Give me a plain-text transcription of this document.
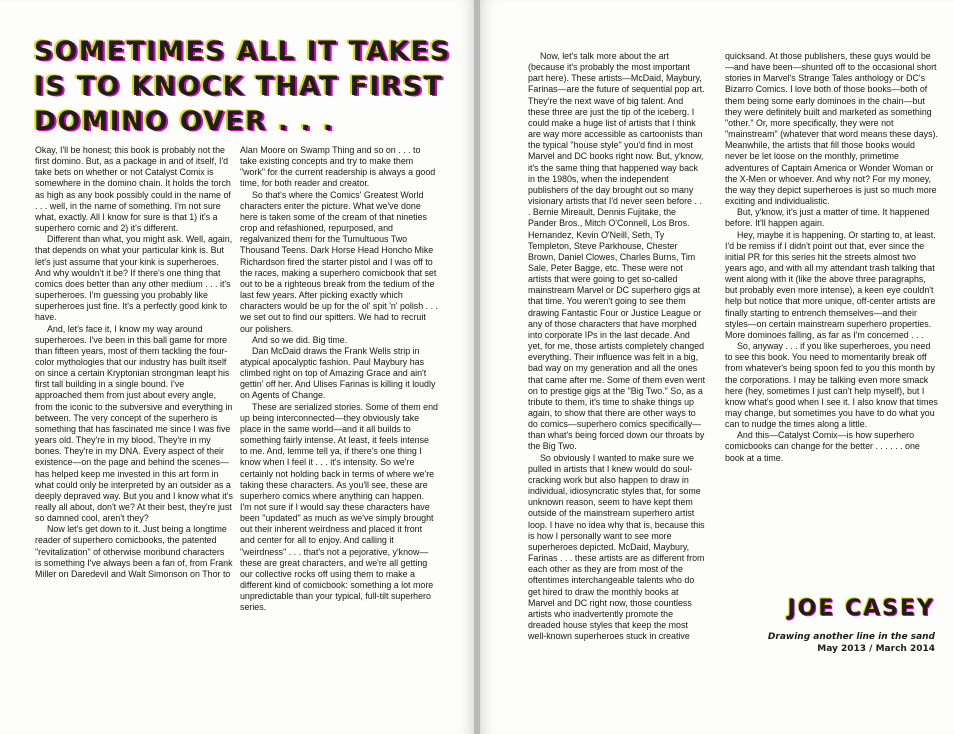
SOMETIMES ALL IT TAKES
IS TO KNOCK THAT FIRST
DOMINO OVER . . .

Okay, I'll be honest; this book is probably not the first domino. But, as a package in and of itself, I'd take bets on whether or not Catalyst Comix is somewhere in the domino chain. It holds the torch as high as any book possibly could in the name of . . . well, in the name of something. I'm not sure what, exactly. All I know for sure is that 1) it's a superhero comic and 2) it's different.

Different than what, you might ask. Well, again, that depends on what your particular kink is. But let's just assume that your kink is superheroes. And why wouldn't it be? If there's one thing that comics does better than any other medium . . . it's superheroes. I'm guessing you probably like superheroes just fine. It's a perfectly good kink to have.

And, let's face it, I know my way around superheroes. I've been in this ball game for more than fifteen years, most of them tackling the four-color mythologies that our industry has built itself on since a certain Kryptonian strongman leapt his first tall building in a single bound. I've approached them from just about every angle, from the iconic to the subversive and everything in between. The very concept of the superhero is something that has fascinated me since I was five years old. They're in my blood. They're in my bones. They're in my DNA. Every aspect of their existence—on the page and behind the scenes—has helped keep me invested in this art form in what could only be interpreted by an outsider as a deeply depraved way. But you and I know what it's really all about, don't we? At their best, they're just so damned cool, aren't they?

Now let's get down to it. Just being a longtime reader of superhero comicbooks, the patented "revitalization" of otherwise moribund characters is something I've always been a fan of, from Frank Miller on Daredevil and Walt Simonson on Thor to

Alan Moore on Swamp Thing and so on . . . to take existing concepts and try to make them "work" for the current readership is always a good time, for both reader and creator.

So that's where the Comics' Greatest World characters enter the picture. What we've done here is taken some of the cream of that nineties crop and refashioned, repurposed, and regalvanized them for the Tumultuous Two Thousand Teens. Dark Horse Head Honcho Mike Richardson fired the starter pistol and I was off to the races, making a superhero comicbook that set out to be a righteous break from the tedium of the last few years. After picking exactly which characters would be up for the ol' spit 'n' polish . . . we set out to find our spitters. We had to recruit our polishers.

And so we did. Big time.

Dan McDaid draws the Frank Wells strip in atypical apocalyptic fashion. Paul Maybury has climbed right on top of Amazing Grace and ain't gettin' off her. And Ulises Farinas is killing it loudly on Agents of Change.

These are serialized stories. Some of them end up being interconnected—they obviously take place in the same world—and it all builds to something fairly intense. At least, it feels intense to me. And, lemme tell ya, if there's one thing I know when I feel it . . . it's intensity. So we're certainly not holding back in terms of where we're taking these characters. As you'll see, these are superhero comics where anything can happen. I'm not sure if I would say these characters have been "updated" as much as we've simply brought out their inherent weirdness and placed it front and center for all to enjoy. And calling it "weirdness" . . . that's not a pejorative, y'know—these are great characters, and we're all getting our collective rocks off using them to make a different kind of comicbook: something a lot more unpredictable than your typical, full-tilt superhero series.

Now, let's talk more about the art (because it's probably the most important part here). These artists—McDaid, Maybury, Farinas—are the future of sequential pop art. They're the next wave of big talent. And these three are just the tip of the iceberg. I could make a huge list of artists that I think are way more accessible as cartoonists than the typical "house style" you'd find in most Marvel and DC books right now. But, y'know, it's the same thing that happened way back in the 1980s, when the independent publishers of the day brought out so many visionary artists that I'd never seen before . . . Bernie Mireault, Dennis Fujitake, the Pander Bros., Mitch O'Connell, Los Bros. Hernandez, Kevin O'Neill, Seth, Ty Templeton, Steve Parkhouse, Chester Brown, Daniel Clowes, Charles Burns, Tim Sale, Peter Bagge, etc. These were not artists that were going to get so-called mainstream Marvel or DC superhero gigs at that time. You weren't going to see them drawing Fantastic Four or Justice League or any of those characters that have morphed into corporate IPs in the last decade. And yet, for me, those artists completely changed everything. Their influence was felt in a big, bad way on my generation and all the ones that came after me. Some of them even went on to prestige gigs at the "Big Two." So, as a tribute to them, it's time to shake things up again, to show that there are other ways to do comics—superhero comics specifically—than what's being forced down our throats by the Big Two.

So obviously I wanted to make sure we pulled in artists that I knew would do soul-cracking work but also happen to draw in individual, idiosyncratic styles that, for some unknown reason, seem to have kept them outside of the mainstream superhero artist loop. I have no idea why that is, because this is how I personally want to see more superheroes depicted. McDaid, Maybury, Farinas . . . these artists are as different from each other as they are from most of the oftentimes interchangeable talents who do get hired to draw the monthly books at Marvel and DC right now, those countless artists who inadvertently promote the dreaded house styles that keep the most well-known superheroes stuck in creative

quicksand. At those publishers, these guys would be—and have been—shunted off to the occasional short stories in Marvel's Strange Tales anthology or DC's Bizarro Comics. I love both of those books—both of them being some early dominoes in the chain—but they were definitely built and marketed as something "other." Or, more specifically, they were not "mainstream" (whatever that word means these days). Meanwhile, the artists that fill those books would never be let loose on the monthly, primetime adventures of Captain America or Wonder Woman or the X-Men or whoever. And why not? For my money, the way they depict superheroes is just so much more exciting and individualistic.

But, y'know, it's just a matter of time. It happened before. It'll happen again.

Hey, maybe it is happening. Or starting to, at least. I'd be remiss if I didn't point out that, ever since the initial PR for this series hit the streets almost two years ago, and with all my attendant trash talking that went along with it (like the above three paragraphs, but probably even more intense), a keen eye couldn't help but notice that more unique, off-center artists are finally starting to entrench themselves—and their styles—on certain mainstream superhero properties. More dominoes falling, as far as I'm concerned . . .

So, anyway . . . if you like superheroes, you need to see this book. You need to momentarily break off from whatever's being spoon fed to you this month by the corporations. I may be talking even more smack here (hey, sometimes I just can't help myself), but I know what's good when I see it. I also know that times may change, but sometimes you have to do what you can to nudge the times along a little.

And this—Catalyst Comix—is how superhero comicbooks can change for the better . . . . . . one book at a time.

JOE CASEY
Drawing another line in the sand
May 2013 / March 2014
